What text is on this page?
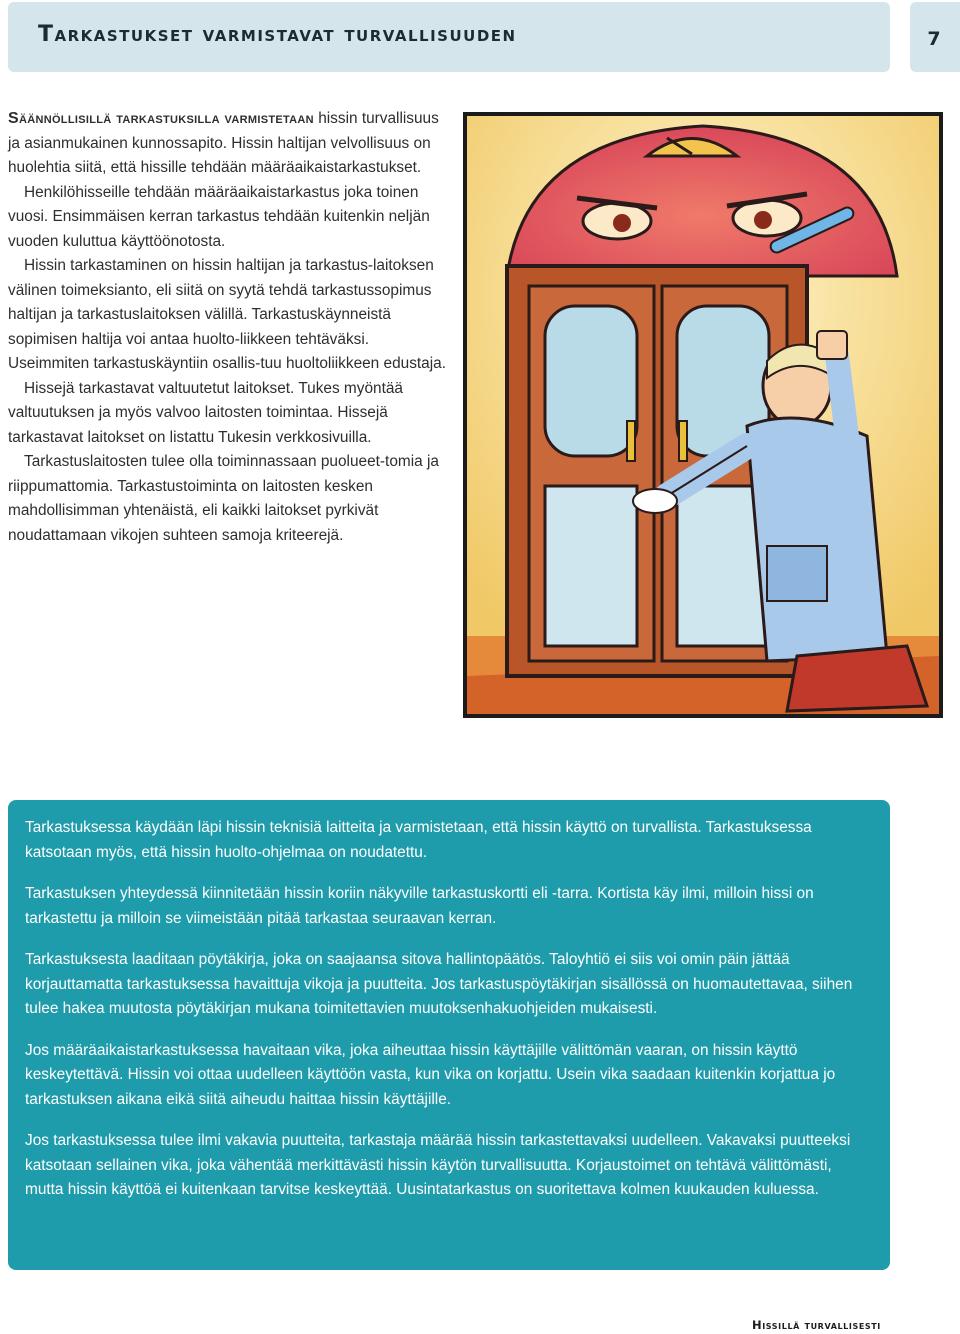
Tarkastukset varmistavat turvallisuuden	7

Säännöllisillä tarkastuksilla varmistetaan hissin turvallisuus ja asianmukainen kunnossapito. Hissin haltijan velvollisuus on huolehtia siitä, että hissille tehdään määräaikaistarkastukset.

Henkilöhisseille tehdään määräaikaistarkastus joka toinen vuosi. Ensimmäisen kerran tarkastus tehdään kuitenkin neljän vuoden kuluttua käyttöönotosta.

Hissin tarkastaminen on hissin haltijan ja tarkastus-laitoksen välinen toimeksianto, eli siitä on syytä tehdä tarkastussopimus haltijan ja tarkastuslaitoksen välillä. Tarkastuskäynneistä sopimisen haltija voi antaa huolto-liikkeen tehtäväksi. Useimmiten tarkastuskäyntiin osallis-tuu huoltoliikkeen edustaja.

Hissejä tarkastavat valtuutetut laitokset. Tukes myöntää valtuutuksen ja myös valvoo laitosten toimintaa. Hissejä tarkastavat laitokset on listattu Tukesin verkkosivuilla.

Tarkastuslaitosten tulee olla toiminnassaan puolueet-tomia ja riippumattomia. Tarkastustoiminta on laitosten kesken mahdollisimman yhtenäistä, eli kaikki laitokset pyrkivät noudattamaan vikojen suhteen samoja kriteerejä.

Tarkastuksessa käydään läpi hissin teknisiä laitteita ja varmistetaan, että hissin käyttö on turvallista. Tarkastuksessa katsotaan myös, että hissin huolto-ohjelmaa on noudatettu.

Tarkastuksen yhteydessä kiinnitetään hissin koriin näkyville tarkastuskortti eli -tarra. Kortista käy ilmi, milloin hissi on tarkastettu ja milloin se viimeistään pitää tarkastaa seuraavan kerran.

Tarkastuksesta laaditaan pöytäkirja, joka on saajaansa sitova hallintopäätös. Taloyhtiö ei siis voi omin päin jättää korjauttamatta tarkastuksessa havaittuja vikoja ja puutteita. Jos tarkastuspöytäkirjan sisällössä on huomautettavaa, siihen tulee hakea muutosta pöytäkirjan mukana toimitettavien muutoksenhakuohjeiden mukaisesti.

Jos määräaikaistarkastuksessa havaitaan vika, joka aiheuttaa hissin käyttäjille välittömän vaaran, on hissin käyttö keskeytettävä. Hissin voi ottaa uudelleen käyttöön vasta, kun vika on korjattu. Usein vika saadaan kuitenkin korjattua jo tarkastuksen aikana eikä siitä aiheudu haittaa hissin käyttäjille.

Jos tarkastuksessa tulee ilmi vakavia puutteita, tarkastaja määrää hissin tarkastettavaksi uudelleen. Vakavaksi puutteeksi katsotaan sellainen vika, joka vähentää merkittävästi hissin käytön turvallisuutta. Korjaustoimet on tehtävä välittömästi, mutta hissin käyttöä ei kuitenkaan tarvitse keskeyttää. Uusintatarkastus on suoritettava kolmen kuukauden kuluessa.

Hissillä turvallisesti
